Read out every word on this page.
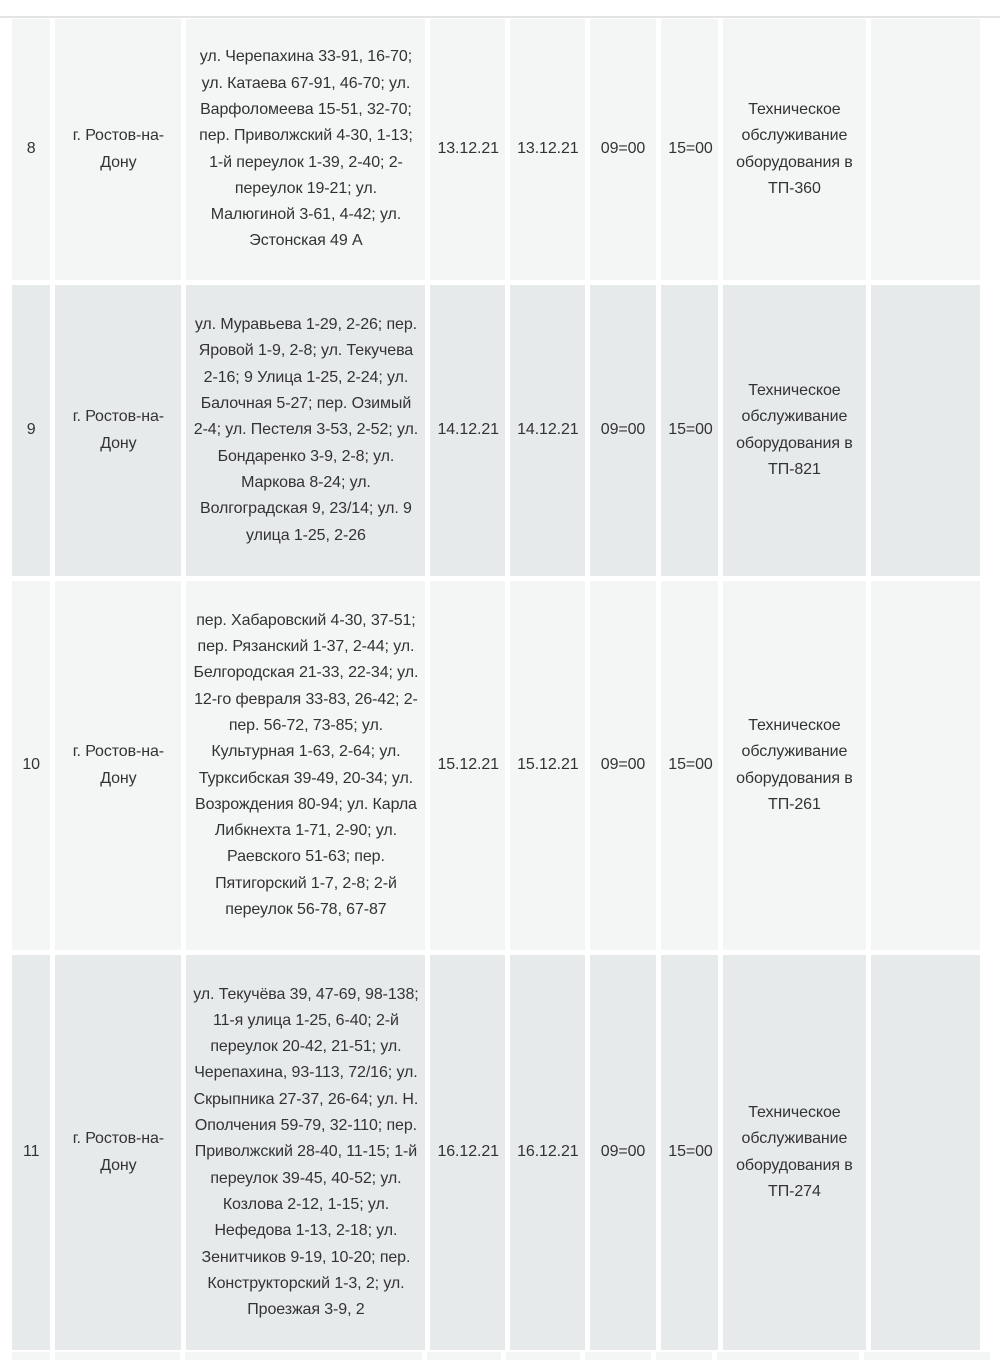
8	г. Ростов-на-Дону	ул. Черепахина 33-91, 16-70; ул. Катаева 67-91, 46-70; ул. Варфоломеева 15-51, 32-70; пер. Приволжский 4-30, 1-13; 1-й переулок 1-39, 2-40; 2-переулок 19-21; ул. Малюгиной 3-61, 4-42; ул. Эстонская 49 А	13.12.21	13.12.21	09=00	15=00	Техническое обслуживание оборудования в ТП-360	
9	г. Ростов-на-Дону	ул. Муравьева 1-29, 2-26; пер. Яровой 1-9, 2-8; ул. Текучева 2-16; 9 Улица 1-25, 2-24; ул. Балочная 5-27; пер. Озимый 2-4; ул. Пестеля 3-53, 2-52; ул. Бондаренко 3-9, 2-8; ул. Маркова 8-24; ул. Волгоградская 9, 23/14; ул. 9 улица 1-25, 2-26	14.12.21	14.12.21	09=00	15=00	Техническое обслуживание оборудования в ТП-821	
10	г. Ростов-на-Дону	пер. Хабаровский 4-30, 37-51; пер. Рязанский 1-37, 2-44; ул. Белгородская 21-33, 22-34; ул. 12-го февраля 33-83, 26-42; 2-пер. 56-72, 73-85; ул. Культурная 1-63, 2-64; ул. Турксибская 39-49, 20-34; ул. Возрождения 80-94; ул. Карла Либкнехта 1-71, 2-90; ул. Раевского 51-63; пер. Пятигорский 1-7, 2-8; 2-й переулок 56-78, 67-87	15.12.21	15.12.21	09=00	15=00	Техническое обслуживание оборудования в ТП-261	
11	г. Ростов-на-Дону	ул. Текучёва 39, 47-69, 98-138; 11-я улица 1-25, 6-40; 2-й переулок 20-42, 21-51; ул. Черепахина, 93-113, 72/16; ул. Скрыпника 27-37, 26-64; ул. Н. Ополчения 59-79, 32-110; пер. Приволжский 28-40, 11-15; 1-й переулок 39-45, 40-52; ул. Козлова 2-12, 1-15; ул. Нефедова 1-13, 2-18; ул. Зенитчиков 9-19, 10-20; пер. Конструкторский 1-3, 2; ул. Проезжая 3-9, 2	16.12.21	16.12.21	09=00	15=00	Техническое обслуживание оборудования в ТП-274	
